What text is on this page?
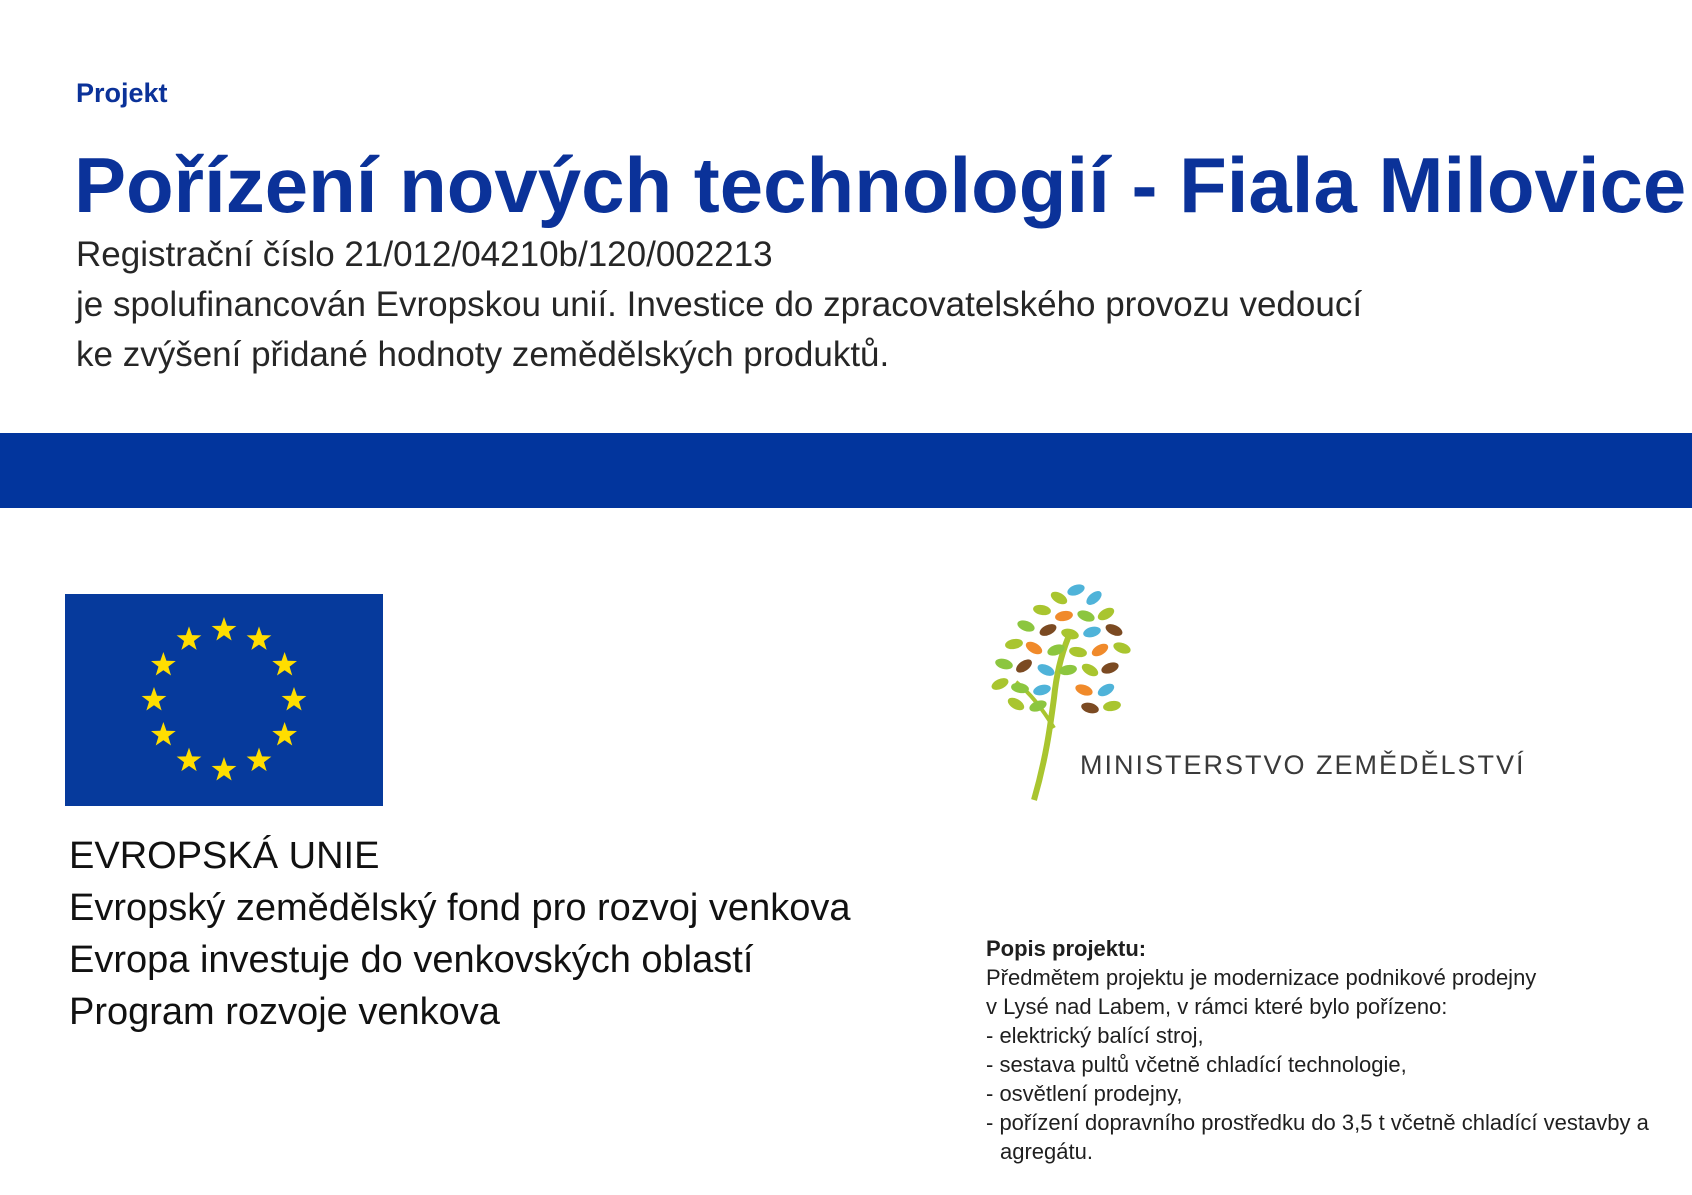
Projekt
Pořízení nových technologií - Fiala Milovice
Registrační číslo 21/012/04210b/120/002213
je spolufinancován Evropskou unií. Investice do zpracovatelského provozu vedoucí
ke zvýšení přidané hodnoty zemědělských produktů.
EVROPSKÁ UNIE
Evropský zemědělský fond pro rozvoj venkova
Evropa investuje do venkovských oblastí
Program rozvoje venkova
MINISTERSTVO ZEMĚDĚLSTVÍ
Popis projektu:
Předmětem projektu je modernizace podnikové prodejny
v Lysé nad Labem, v rámci které bylo pořízeno:
- elektrický balící stroj,
- sestava pultů včetně chladící technologie,
- osvětlení prodejny,
- pořízení dopravního prostředku do 3,5 t včetně chladící vestavby a agregátu.
